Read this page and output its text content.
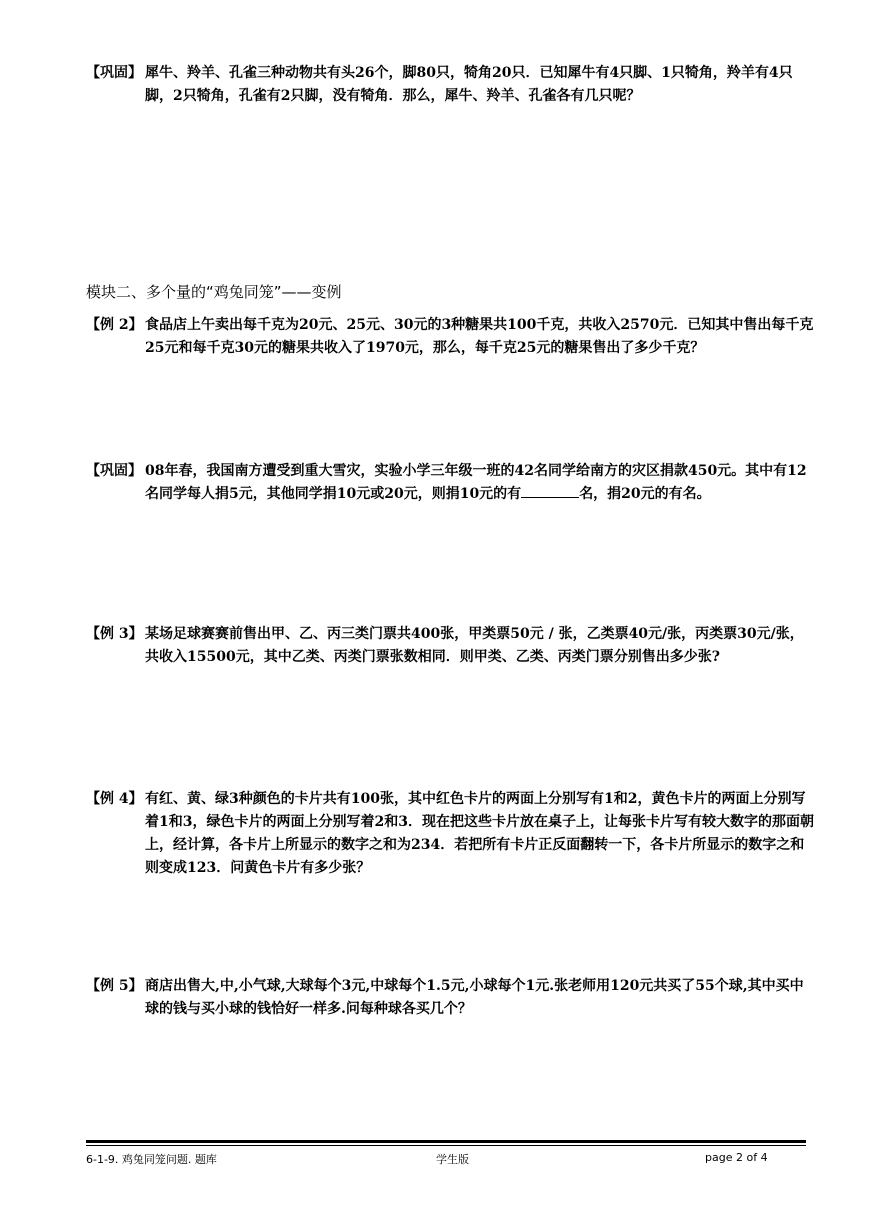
【巩固】 犀牛、羚羊、孔雀三种动物共有头26个，脚80只，犄角20只．已知犀牛有4只脚、1只犄角，羚羊有4只脚，2只犄角，孔雀有2只脚，没有犄角．那么，犀牛、羚羊、孔雀各有几只呢？
模块二、多个量的“鸡兔同笼”——变例
【例 2】 食品店上午卖出每千克为20元、25元、30元的3种糖果共100千克，共收入2570元．已知其中售出每千克25元和每千克30元的糖果共收入了1970元，那么，每千克25元的糖果售出了多少千克？
【巩固】 08年春，我国南方遭受到重大雪灾，实验小学三年级一班的42名同学给南方的灾区捐款450元。其中有12名同学每人捐5元，其他同学捐10元或20元，则捐10元的有	名，捐20元的有名。
【例 3】 某场足球赛赛前售出甲、乙、丙三类门票共400张，甲类票50元 / 张，乙类票40元/张，丙类票30元/张，共收入15500元，其中乙类、丙类门票张数相同．则甲类、乙类、丙类门票分别售出多少张?
【例 4】 有红、黄、绿3种颜色的卡片共有100张，其中红色卡片的两面上分别写有1和2，黄色卡片的两面上分别写着1和3，绿色卡片的两面上分别写着2和3．现在把这些卡片放在桌子上，让每张卡片写有较大数字的那面朝上，经计算，各卡片上所显示的数字之和为234．若把所有卡片正反面翻转一下，各卡片所显示的数字之和则变成123．问黄色卡片有多少张？
【例 5】 商店出售大,中,小气球,大球每个3元,中球每个1.5元,小球每个1元.张老师用120元共买了55个球,其中买中球的钱与买小球的钱恰好一样多.问每种球各买几个？
6-1-9. 鸡兔同笼问题. 题库	学生版	page 2 of 4
